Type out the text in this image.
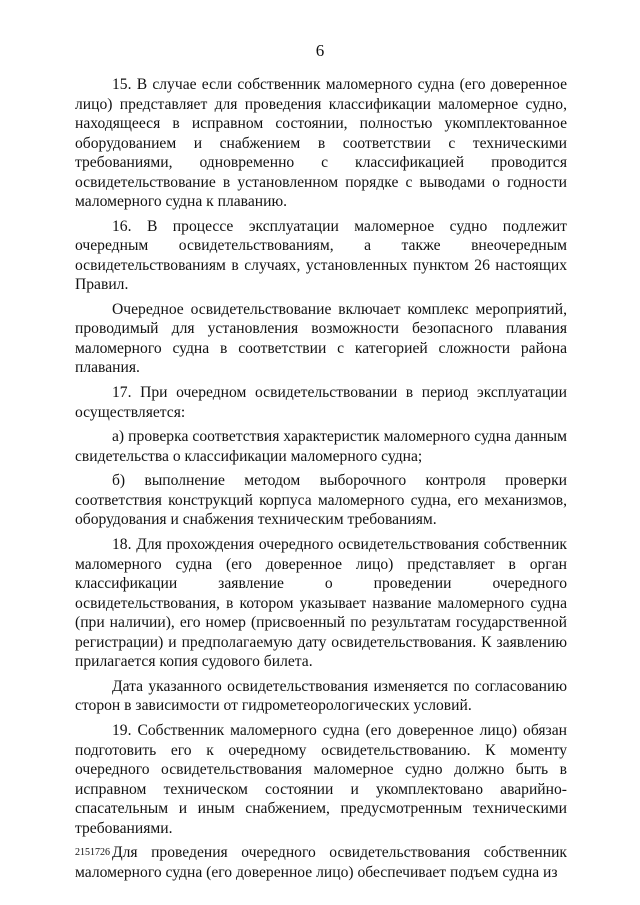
6

15. В случае если собственник маломерного судна (его доверенное лицо) представляет для проведения классификации маломерное судно, находящееся в исправном состоянии, полностью укомплектованное оборудованием и снабжением в соответствии с техническими требованиями, одновременно с классификацией проводится освидетельствование в установленном порядке с выводами о годности маломерного судна к плаванию.

16. В процессе эксплуатации маломерное судно подлежит очередным освидетельствованиям, а также внеочередным освидетельствованиям в случаях, установленных пунктом 26 настоящих Правил.

Очередное освидетельствование включает комплекс мероприятий, проводимый для установления возможности безопасного плавания маломерного судна в соответствии с категорией сложности района плавания.

17. При очередном освидетельствовании в период эксплуатации осуществляется:

а) проверка соответствия характеристик маломерного судна данным свидетельства о классификации маломерного судна;

б) выполнение методом выборочного контроля проверки соответствия конструкций корпуса маломерного судна, его механизмов, оборудования и снабжения техническим требованиям.

18. Для прохождения очередного освидетельствования собственник маломерного судна (его доверенное лицо) представляет в орган классификации заявление о проведении очередного освидетельствования, в котором указывает название маломерного судна (при наличии), его номер (присвоенный по результатам государственной регистрации) и предполагаемую дату освидетельствования. К заявлению прилагается копия судового билета.

Дата указанного освидетельствования изменяется по согласованию сторон в зависимости от гидрометеорологических условий.

19. Собственник маломерного судна (его доверенное лицо) обязан подготовить его к очередному освидетельствованию. К моменту очередного освидетельствования маломерное судно должно быть в исправном техническом состоянии и укомплектовано аварийно-спасательным и иным снабжением, предусмотренным техническими требованиями.

Для проведения очередного освидетельствования собственник маломерного судна (его доверенное лицо) обеспечивает подъем судна из

2151726
